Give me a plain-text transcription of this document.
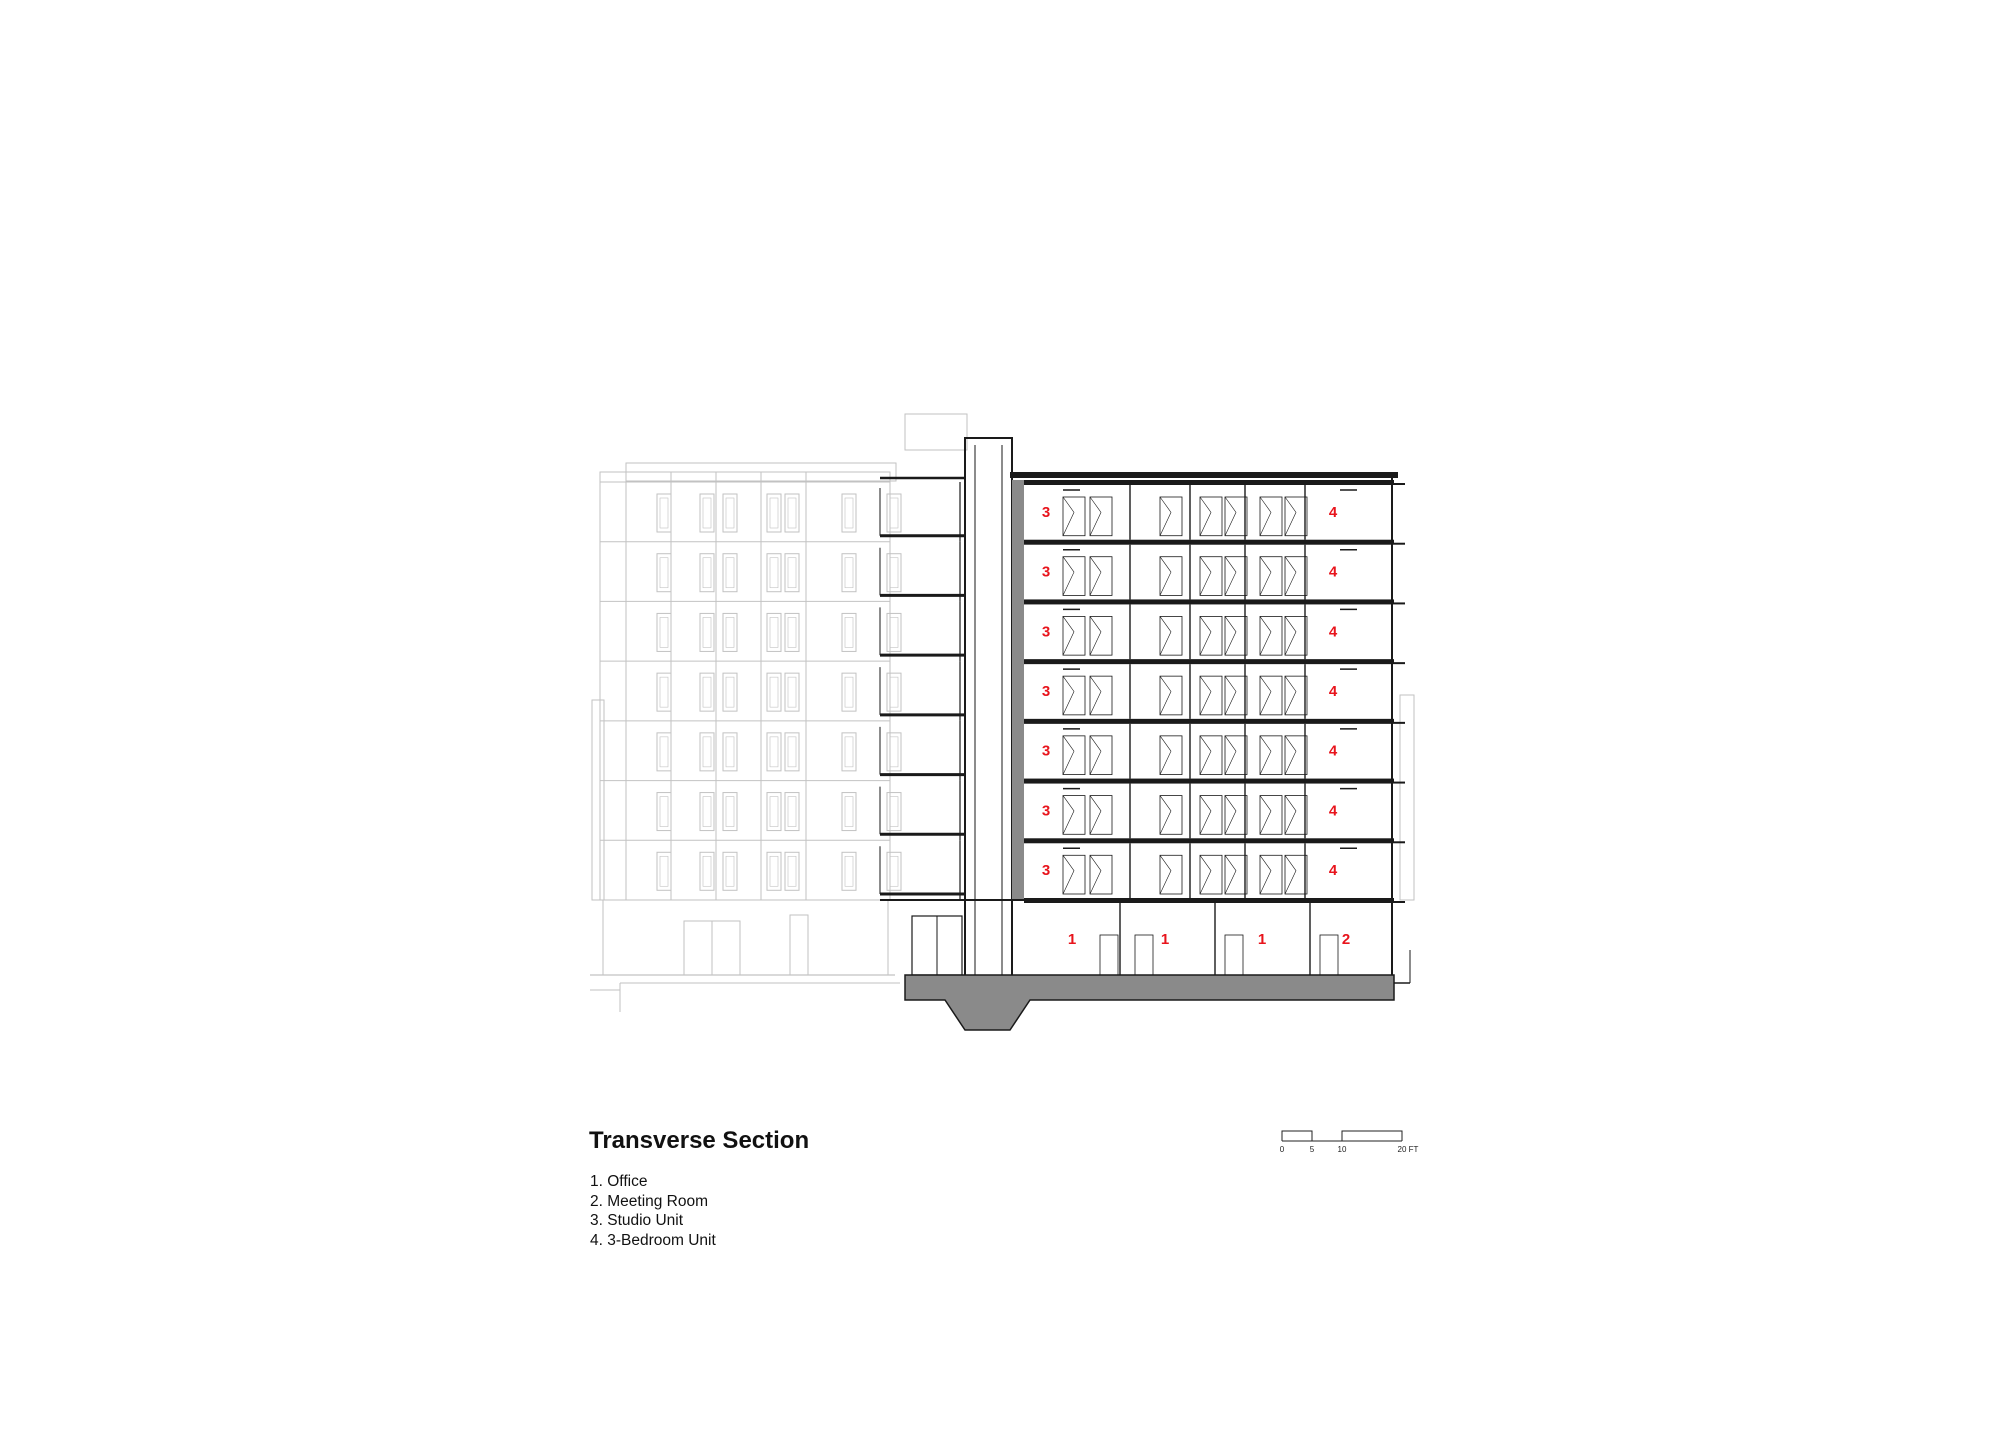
3	4
3	4
3	4
3	4
3	4
3	4
3	4
1	1	1	2
0	5	10	20 FT
Transverse Section
1. Office
2. Meeting Room
3. Studio Unit
4. 3-Bedroom Unit
